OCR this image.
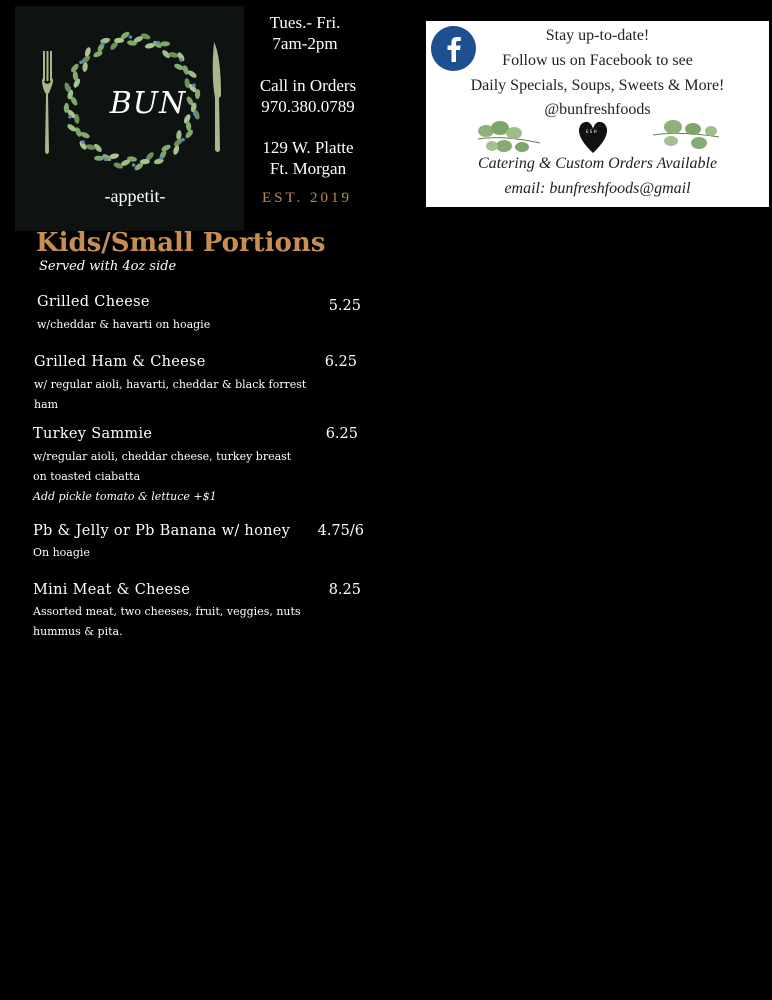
BUN
-appetit-
Tues.- Fri.
7am-2pm
Call in Orders
970.380.0789
129 W. Platte
Ft. Morgan
EST. 2019
Stay up-to-date!
Follow us on Facebook to see
Daily Specials, Soups, Sweets & More!
@bunfreshfoods
E S H
Catering & Custom Orders Available
email: bunfreshfoods@gmail
Kids/Small Portions
Served with 4oz side
Grilled Cheese	5.25
w/cheddar & havarti on hoagie
Grilled Ham & Cheese	6.25
w/ regular aioli, havarti, cheddar & black forrest
ham
Turkey Sammie	6.25
w/regular aioli, cheddar cheese, turkey breast
on toasted ciabatta
Add pickle tomato & lettuce +$1
Pb & Jelly or Pb Banana w/ honey	4.75/6
On hoagie
Mini Meat & Cheese	8.25
Assorted meat, two cheeses, fruit, veggies, nuts
hummus & pita.
